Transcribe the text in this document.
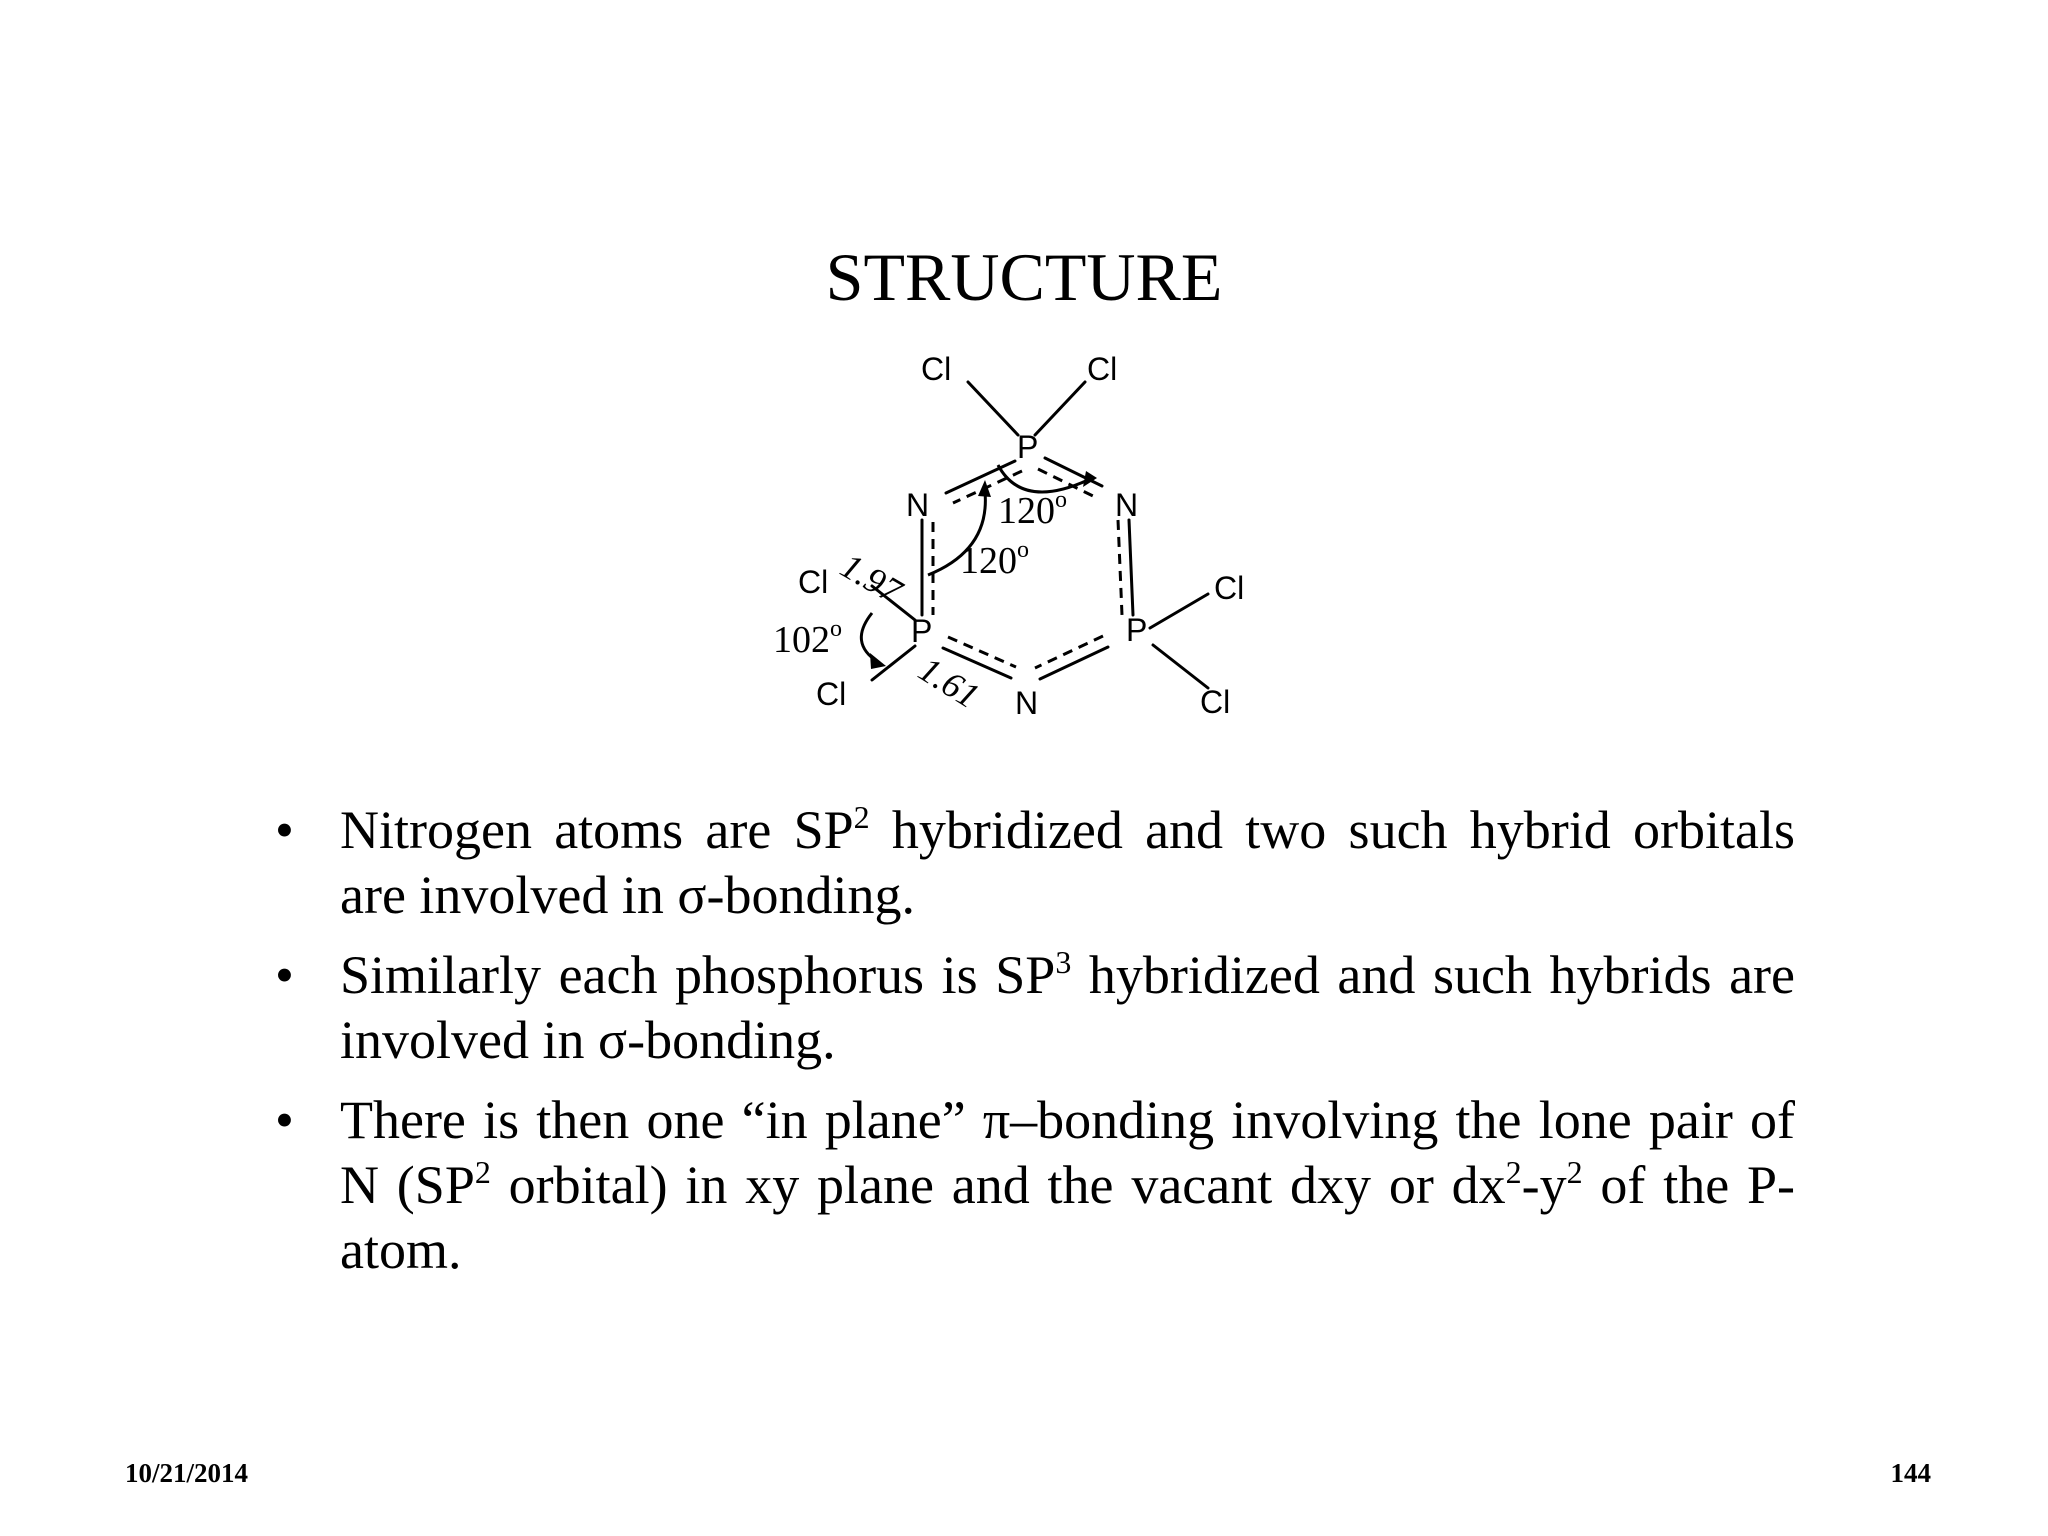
STRUCTURE
Cl	Cl
P
N	N
Cl	Cl
P	P
Cl	Cl
N
120$^o$
120$^o$
102$^o$
1.97
1.61
• Nitrogen atoms are $SP^2$ hybridized and two such hybrid orbitals are involved in σ-bonding.
• Similarly each phosphorus is $SP^3$ hybridized and such hybrids are involved in σ-bonding.
• There is then one “in plane” π–bonding involving the lone pair of N ($SP^2$ orbital) in xy plane and the vacant dxy or $dx^2-y^2$ of the P-atom.
10/21/2014	144
